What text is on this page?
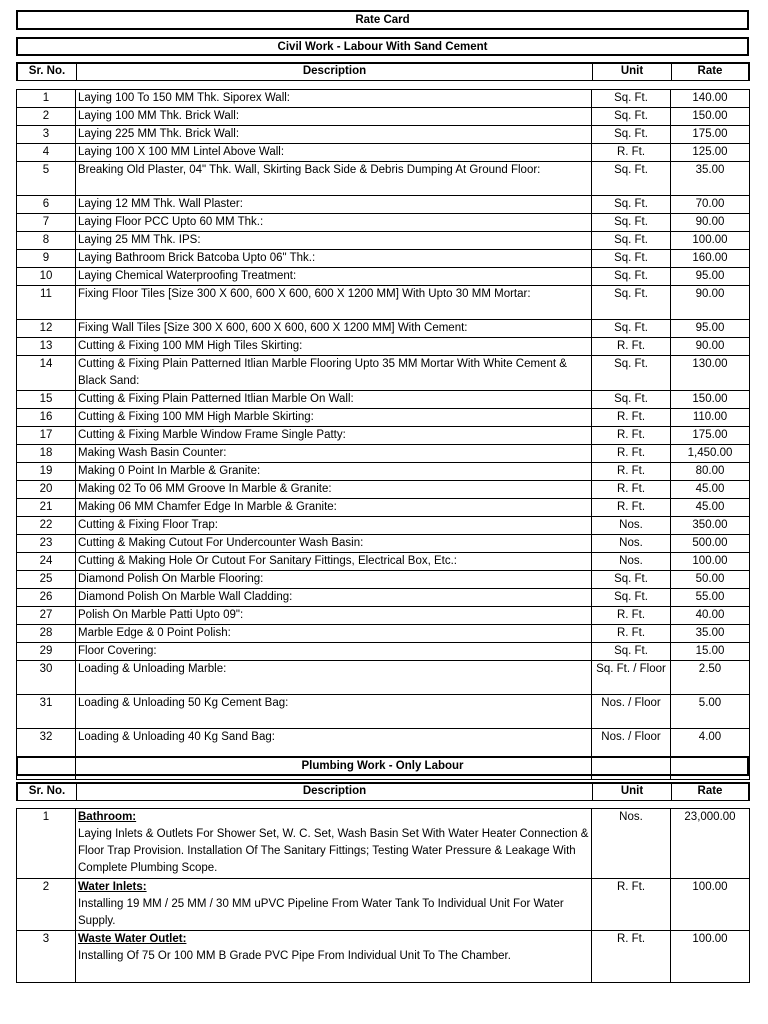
Rate Card
Civil Work - Labour With Sand Cement
Sr. No.	Description	Unit	Rate
1	Laying 100 To 150 MM Thk. Siporex Wall:	Sq. Ft.	140.00
2	Laying 100 MM Thk. Brick Wall:	Sq. Ft.	150.00
3	Laying 225 MM Thk. Brick Wall:	Sq. Ft.	175.00
4	Laying 100 X 100 MM Lintel Above Wall:	R. Ft.	125.00
5	Breaking Old Plaster, 04" Thk. Wall, Skirting Back Side & Debris Dumping At Ground Floor:	Sq. Ft.	35.00
6	Laying 12 MM Thk. Wall Plaster:	Sq. Ft.	70.00
7	Laying Floor PCC Upto 60 MM Thk.:	Sq. Ft.	90.00
8	Laying 25 MM Thk. IPS:	Sq. Ft.	100.00
9	Laying Bathroom Brick Batcoba Upto 06" Thk.:	Sq. Ft.	160.00
10	Laying Chemical Waterproofing Treatment:	Sq. Ft.	95.00
11	Fixing Floor Tiles [Size 300 X 600, 600 X 600, 600 X 1200 MM] With Upto 30 MM Mortar:	Sq. Ft.	90.00
12	Fixing Wall Tiles [Size 300 X 600, 600 X 600, 600 X 1200 MM] With Cement:	Sq. Ft.	95.00
13	Cutting & Fixing 100 MM High Tiles Skirting:	R. Ft.	90.00
14	Cutting & Fixing Plain Patterned Itlian Marble Flooring Upto 35 MM Mortar With White Cement & Black Sand:	Sq. Ft.	130.00
15	Cutting & Fixing Plain Patterned Itlian Marble On Wall:	Sq. Ft.	150.00
16	Cutting & Fixing 100 MM High Marble Skirting:	R. Ft.	110.00
17	Cutting & Fixing Marble Window Frame Single Patty:	R. Ft.	175.00
18	Making Wash Basin Counter:	R. Ft.	1,450.00
19	Making 0 Point In Marble & Granite:	R. Ft.	80.00
20	Making 02 To 06 MM Groove In Marble & Granite:	R. Ft.	45.00
21	Making 06 MM Chamfer Edge In Marble & Granite:	R. Ft.	45.00
22	Cutting & Fixing Floor Trap:	Nos.	350.00
23	Cutting & Making Cutout For Undercounter Wash Basin:	Nos.	500.00
24	Cutting & Making Hole Or Cutout For Sanitary Fittings, Electrical Box, Etc.:	Nos.	100.00
25	Diamond Polish On Marble Flooring:	Sq. Ft.	50.00
26	Diamond Polish On Marble Wall Cladding:	Sq. Ft.	55.00
27	Polish On Marble Patti Upto 09":	R. Ft.	40.00
28	Marble Edge & 0 Point Polish:	R. Ft.	35.00
29	Floor Covering:	Sq. Ft.	15.00
30	Loading & Unloading Marble:	Sq. Ft. / Floor	2.50
31	Loading & Unloading 50 Kg Cement Bag:	Nos. / Floor	5.00
32	Loading & Unloading 40 Kg Sand Bag:	Nos. / Floor	4.00

Plumbing Work - Only Labour
Sr. No.	Description	Unit	Rate
1	Bathroom:
Laying Inlets & Outlets For Shower Set, W. C. Set, Wash Basin Set With Water Heater Connection & Floor Trap Provision. Installation Of The Sanitary Fittings; Testing Water Pressure & Leakage With Complete Plumbing Scope.	Nos.	23,000.00
2	Water Inlets:
Installing 19 MM / 25 MM / 30 MM uPVC Pipeline From Water Tank To Individual Unit For Water Supply.	R. Ft.	100.00
3	Waste Water Outlet:
Installing Of 75 Or 100 MM B Grade PVC Pipe From Individual Unit To The Chamber.	R. Ft.	100.00
